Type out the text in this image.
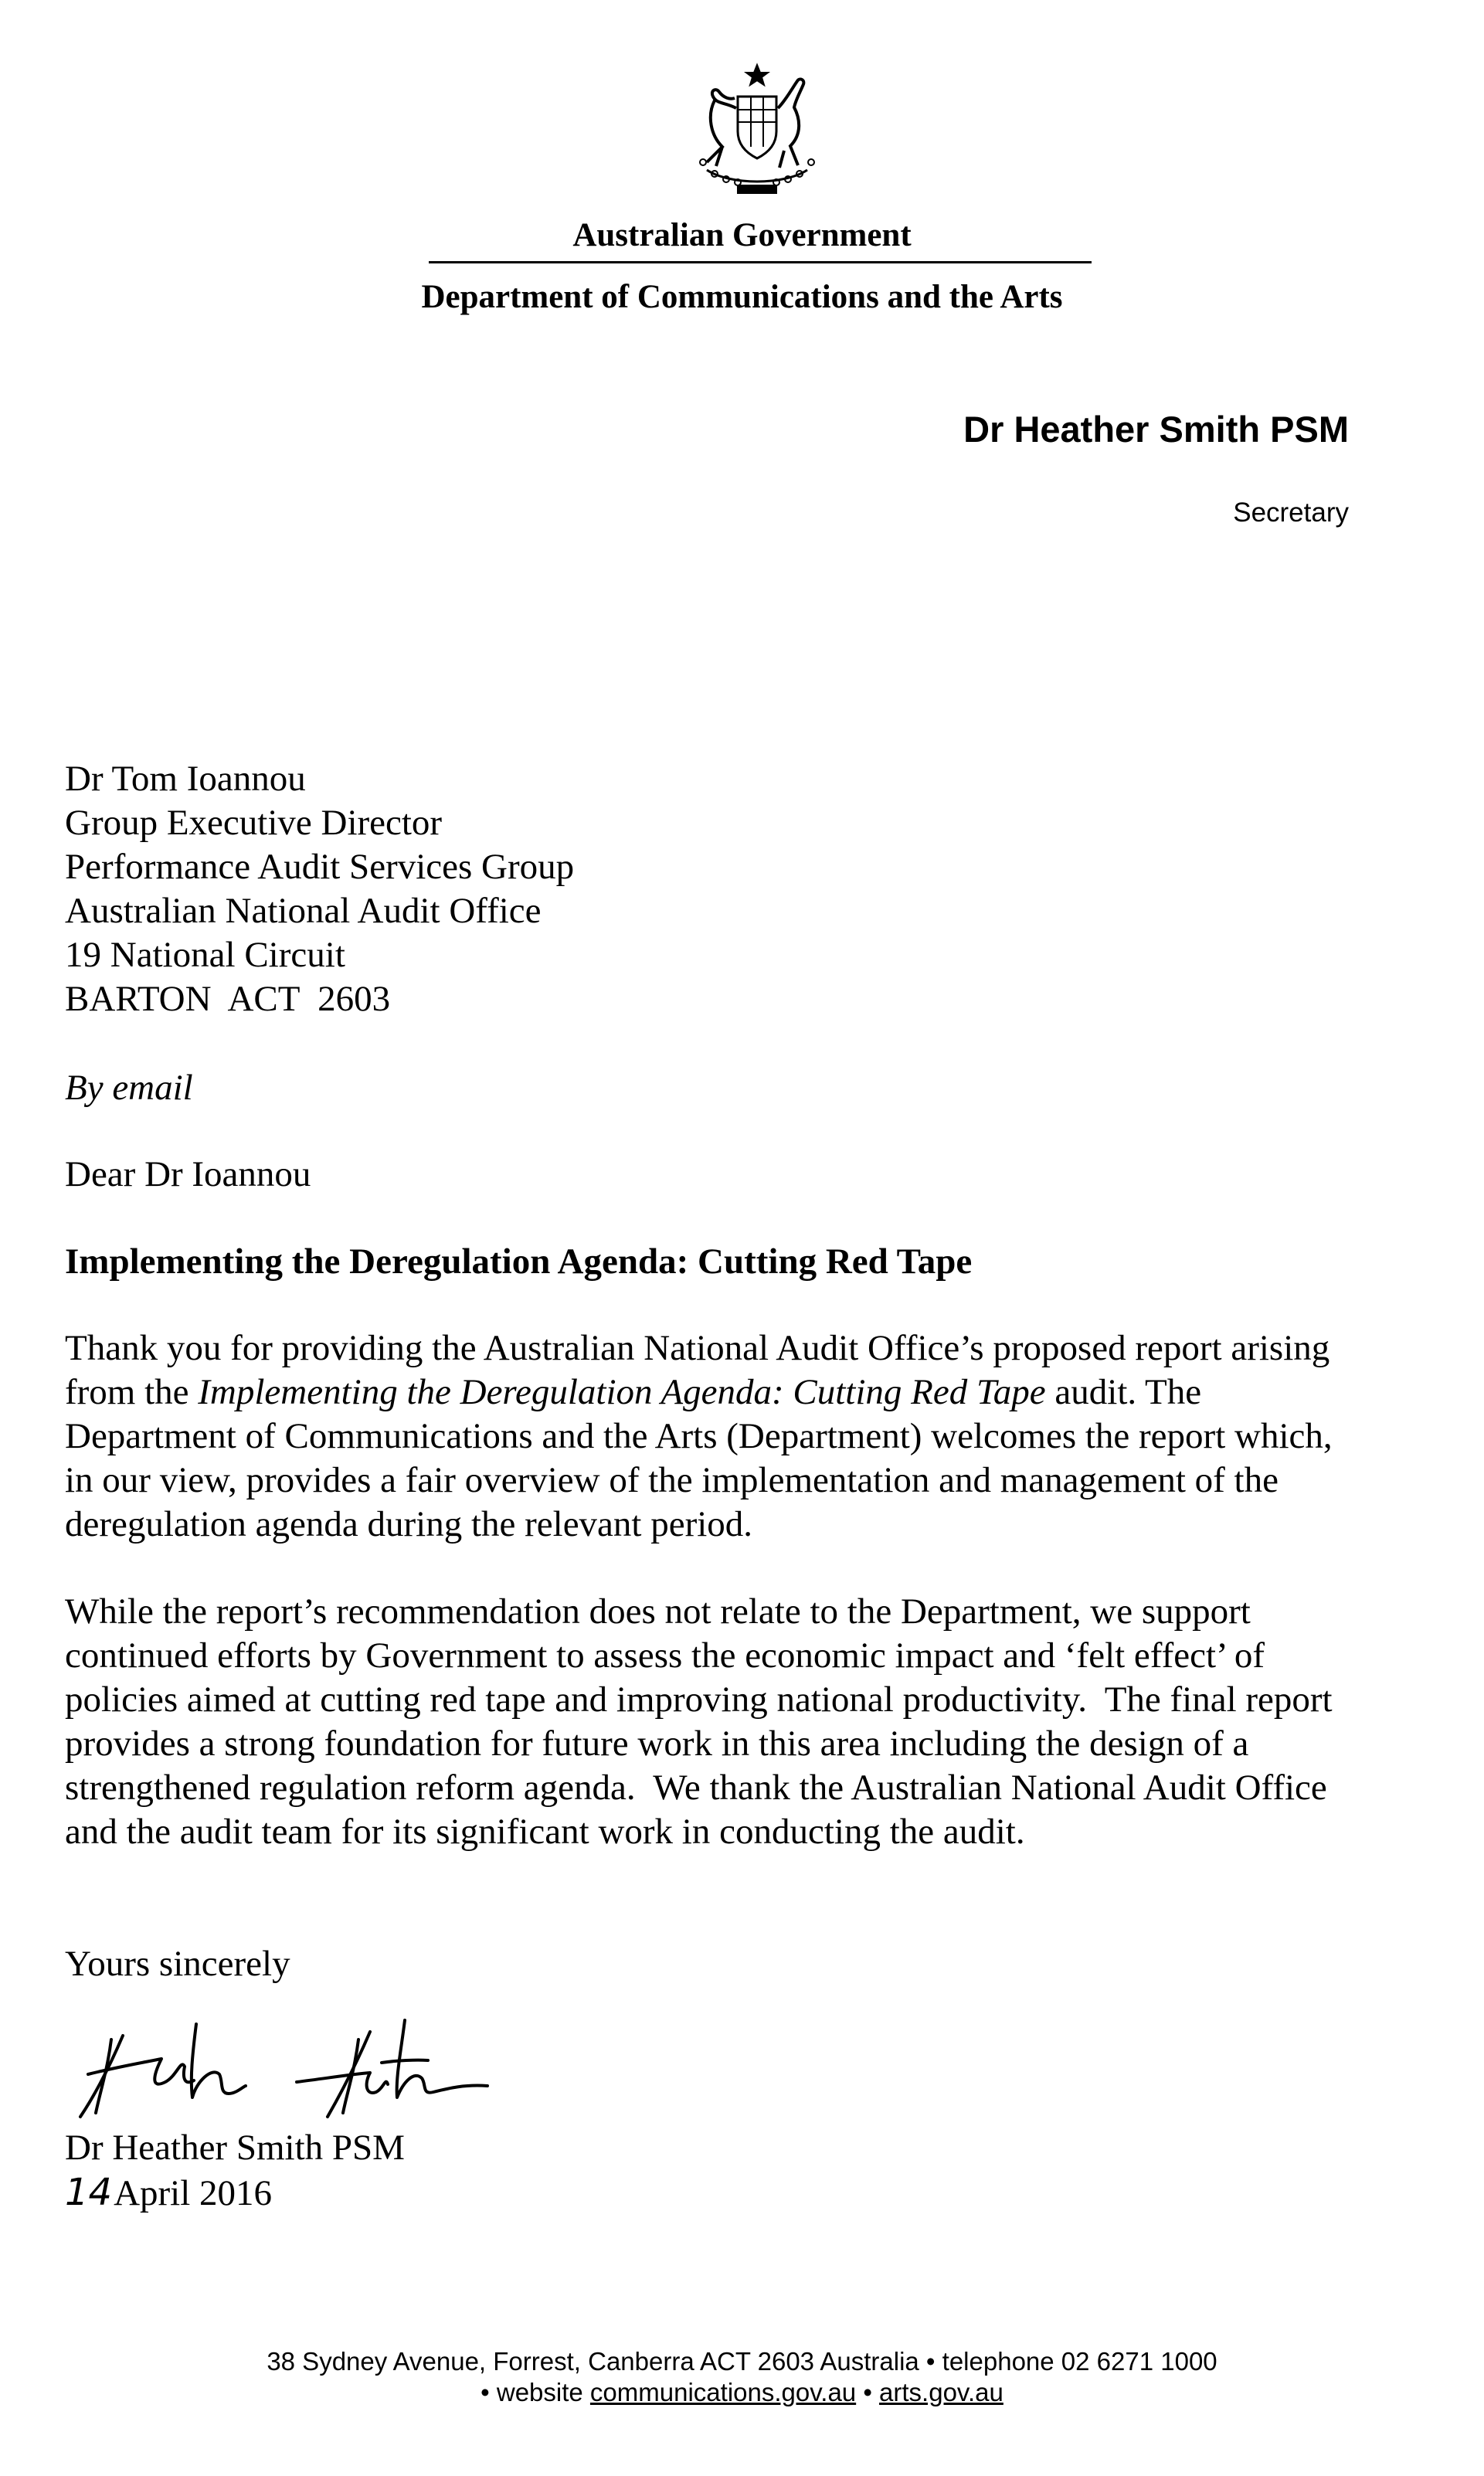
Australian Government
Department of Communications and the Arts
Dr Heather Smith PSM
Secretary
Dr Tom Ioannou
Group Executive Director
Performance Audit Services Group
Australian National Audit Office
19 National Circuit
BARTON  ACT  2603
By email
Dear Dr Ioannou
Implementing the Deregulation Agenda: Cutting Red Tape
Thank you for providing the Australian National Audit Office’s proposed report arising
from the Implementing the Deregulation Agenda: Cutting Red Tape audit. The
Department of Communications and the Arts (Department) welcomes the report which,
in our view, provides a fair overview of the implementation and management of the
deregulation agenda during the relevant period.
While the report’s recommendation does not relate to the Department, we support
continued efforts by Government to assess the economic impact and ‘felt effect’ of
policies aimed at cutting red tape and improving national productivity.  The final report
provides a strong foundation for future work in this area including the design of a
strengthened regulation reform agenda.  We thank the Australian National Audit Office
and the audit team for its significant work in conducting the audit.
Yours sincerely
Dr Heather Smith PSM
14April 2016
38 Sydney Avenue, Forrest, Canberra ACT 2603 Australia • telephone 02 6271 1000
• website communications.gov.au • arts.gov.au
